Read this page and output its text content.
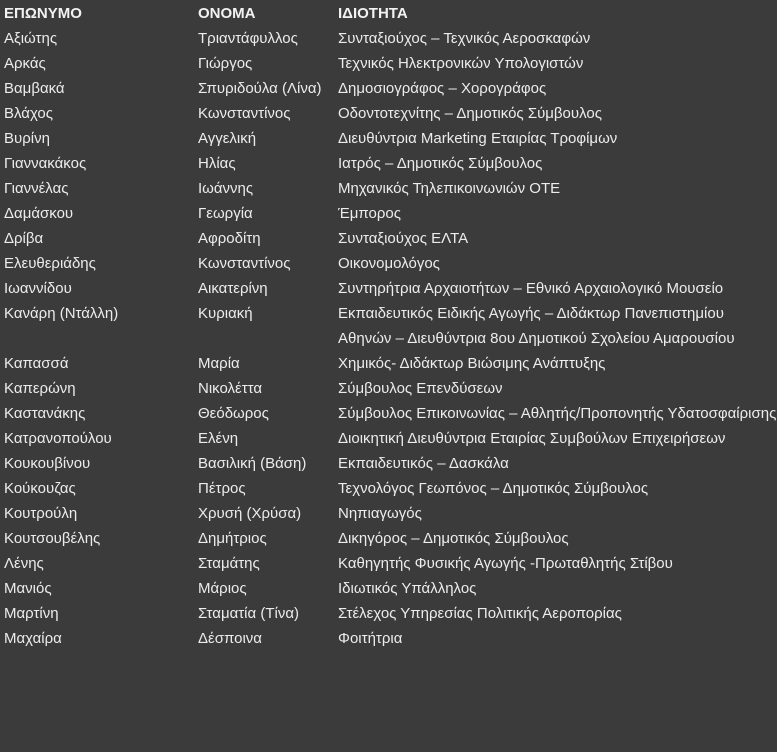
ΕΠΩΝΥΜΟ	ΟΝΟΜΑ	ΙΔΙΟΤΗΤΑ
Αξιώτης	Τριαντάφυλλος	Συνταξιούχος – Τεχνικός Αεροσκαφών
Αρκάς	Γιώργος	Τεχνικός Ηλεκτρονικών Υπολογιστών
Βαμβακά	Σπυριδούλα (Λίνα)	Δημοσιογράφος – Χορογράφος
Βλάχος	Κωνσταντίνος	Οδοντοτεχνίτης – Δημοτικός Σύμβουλος
Βυρίνη	Αγγελική	Διευθύντρια Marketing Εταιρίας Τροφίμων
Γιαννακάκος	Ηλίας	Ιατρός – Δημοτικός Σύμβουλος
Γιαννέλας	Ιωάννης	Μηχανικός Τηλεπικοινωνιών ΟΤΕ
Δαμάσκου	Γεωργία	Έμπορος
Δρίβα	Αφροδίτη	Συνταξιούχος ΕΛΤΑ
Ελευθεριάδης	Κωνσταντίνος	Οικονομολόγος
Ιωαννίδου	Αικατερίνη	Συντηρήτρια Αρχαιοτήτων – Εθνικό Αρχαιολογικό Μουσείο
Κανάρη (Ντάλλη)	Κυριακή	Εκπαιδευτικός Ειδικής Αγωγής – Διδάκτωρ Πανεπιστημίου Αθηνών – Διευθύντρια 8ου Δημοτικού Σχολείου Αμαρουσίου
Καπασσά	Μαρία	Χημικός- Διδάκτωρ Βιώσιμης Ανάπτυξης
Καπερώνη	Νικολέττα	Σύμβουλος Επενδύσεων
Καστανάκης	Θεόδωρος	Σύμβουλος Επικοινωνίας – Αθλητής/Προπονητής Υδατοσφαίρισης
Κατρανοπούλου	Ελένη	Διοικητική Διευθύντρια Εταιρίας Συμβούλων Επιχειρήσεων
Κουκουβίνου	Βασιλική (Βάση)	Εκπαιδευτικός – Δασκάλα
Κούκουζας	Πέτρος	Τεχνολόγος Γεωπόνος – Δημοτικός Σύμβουλος
Κουτρούλη	Χρυσή (Χρύσα)	Νηπιαγωγός
Κουτσουβέλης	Δημήτριος	Δικηγόρος – Δημοτικός Σύμβουλος
Λένης	Σταμάτης	Καθηγητής Φυσικής Αγωγής -Πρωταθλητής Στίβου
Μανιός	Μάριος	Ιδιωτικός Υπάλληλος
Μαρτίνη	Σταματία (Τίνα)	Στέλεχος Υπηρεσίας Πολιτικής Αεροπορίας
Μαχαίρα	Δέσποινα	Φοιτήτρια
